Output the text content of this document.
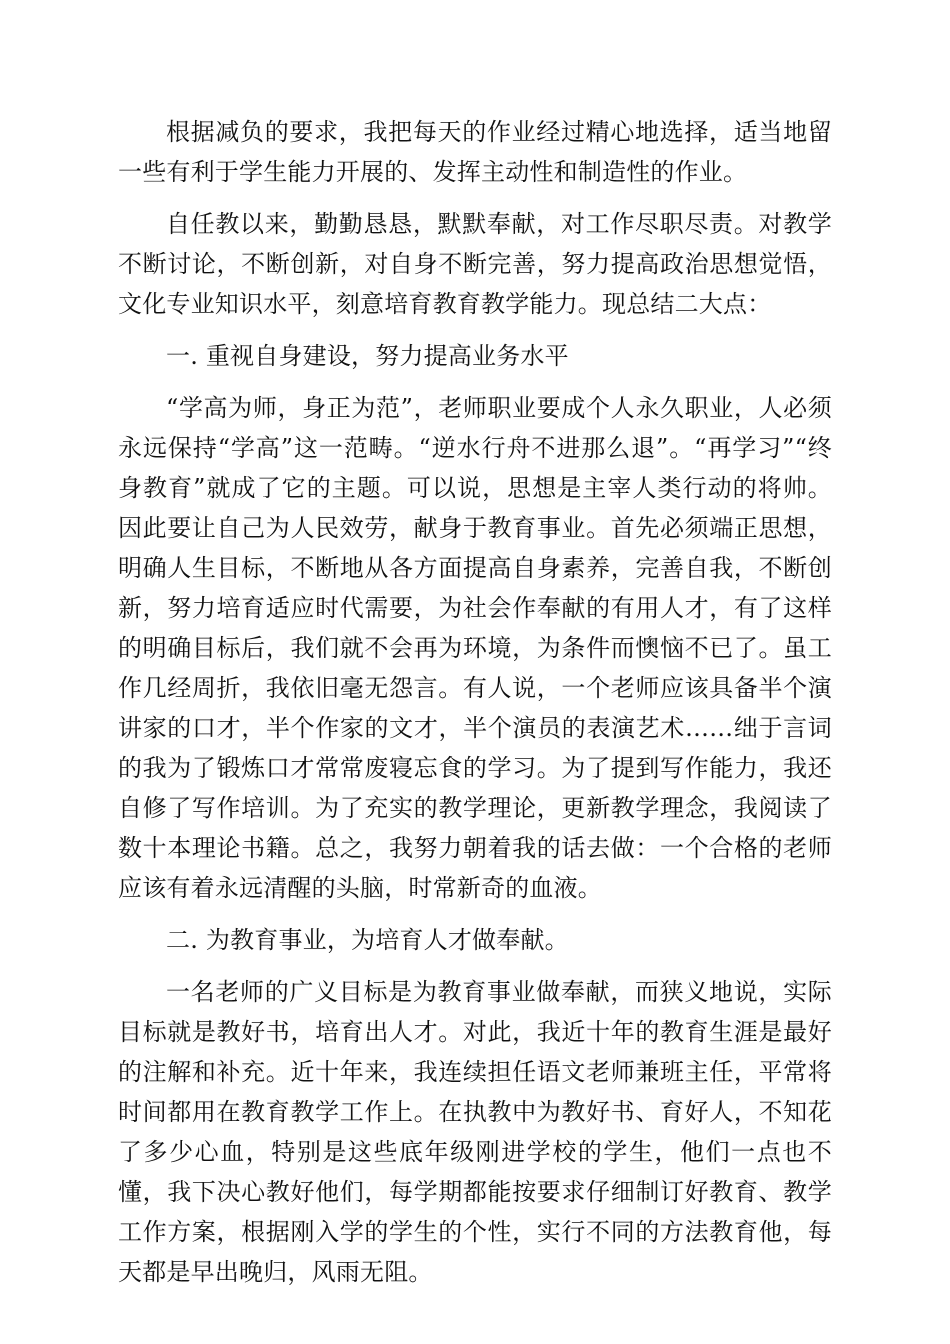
根据减负的要求，我把每天的作业经过精心地选择，适当地留一些有利于学生能力开展的、发挥主动性和制造性的作业。

自任教以来，勤勤恳恳，默默奉献，对工作尽职尽责。对教学不断讨论，不断创新，对自身不断完善，努力提高政治思想觉悟，文化专业知识水平，刻意培育教育教学能力。现总结二大点：

一. 重视自身建设，努力提高业务水平

“学高为师，身正为范”，老师职业要成个人永久职业，人必须永远保持“学高”这一范畴。“逆水行舟不进那么退”。“再学习”“终身教育”就成了它的主题。可以说，思想是主宰人类行动的将帅。因此要让自己为人民效劳，献身于教育事业。首先必须端正思想，明确人生目标，不断地从各方面提高自身素养，完善自我，不断创新，努力培育适应时代需要，为社会作奉献的有用人才，有了这样的明确目标后，我们就不会再为环境，为条件而懊恼不已了。虽工作几经周折，我依旧毫无怨言。有人说，一个老师应该具备半个演讲家的口才，半个作家的文才，半个演员的表演艺术……绌于言词的我为了锻炼口才常常废寝忘食的学习。为了提到写作能力，我还自修了写作培训。为了充实的教学理论，更新教学理念，我阅读了数十本理论书籍。总之，我努力朝着我的话去做：一个合格的老师应该有着永远清醒的头脑，时常新奇的血液。

二. 为教育事业，为培育人才做奉献。

一名老师的广义目标是为教育事业做奉献，而狭义地说，实际目标就是教好书，培育出人才。对此，我近十年的教育生涯是最好的注解和补充。近十年来，我连续担任语文老师兼班主任，平常将时间都用在教育教学工作上。在执教中为教好书、育好人，不知花了多少心血，特别是这些底年级刚进学校的学生，他们一点也不懂，我下决心教好他们，每学期都能按要求仔细制订好教育、教学工作方案，根据刚入学的学生的个性，实行不同的方法教育他，每天都是早出晚归，风雨无阻。
